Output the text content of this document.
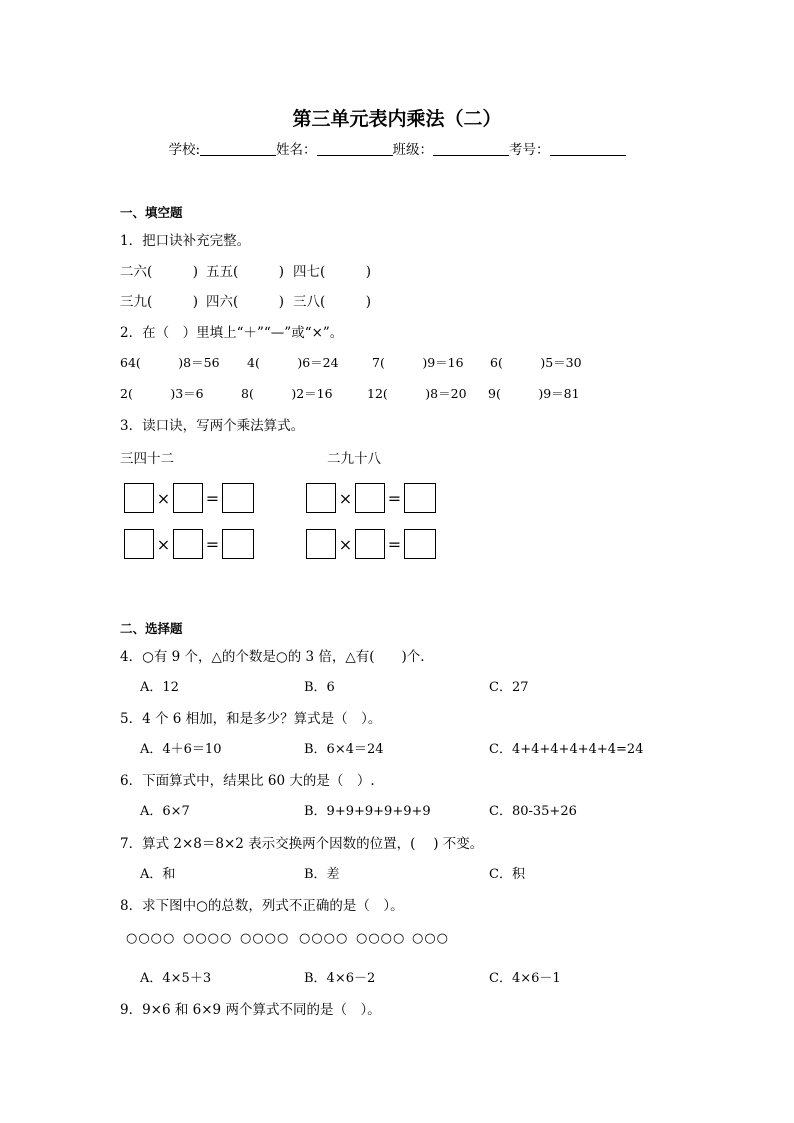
第三单元表内乘法（二）
学校:	姓名：	班级：	考号：
一、填空题
1．把口诀补充完整。
二六(　　　) 五五(　　　) 四七(　　　)
三九(　　　) 四六(　　　) 三八(　　　)
2．在（　）里填上“＋”“—”或“×”。
64(　　　)8＝56 4(　　　)6＝24	7(　　　)9＝16 6(　　　)5＝30
2(　　　)3＝6	8(　　　)2＝16	12(　　　)8＝20 9(　　　)9＝81
3．读口诀，写两个乘法算式。
三四十二	二九十八
× =
× =
× =
× =
二、选择题
4．○有 9 个，△的个数是○的 3 倍，△有(　　)个.
A．12	B．6	C．27
5．4 个 6 相加，和是多少？算式是（　）。
A．4＋6＝10	B．6×4＝24	C．4+4+4+4+4+4=24
6．下面算式中，结果比 60 大的是（　）.
A．6×7	B．9+9+9+9+9+9	C．80-35+26
7．算式 2×8＝8×2 表示交换两个因数的位置，(　 ) 不变。
A．和	B．差	C．积
8．求下图中○的总数，列式不正确的是（　）。
○○○○ ○○○○ ○○○○ ○○○○ ○○○○ ○○○
A．4×5＋3	B．4×6－2	C．4×6－1
9．9×6 和 6×9 两个算式不同的是（　）。
